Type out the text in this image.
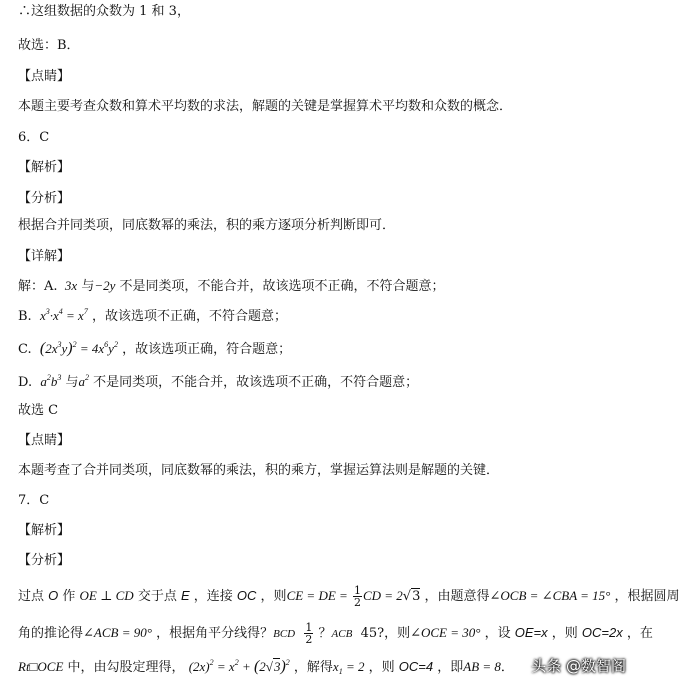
∴这组数据的众数为 1 和 3，
故选：B．
【点睛】
本题主要考查众数和算术平均数的求法，解题的关键是掌握算术平均数和众数的概念．
6．C
【解析】
【分析】
根据合并同类项，同底数幂的乘法，积的乘方逐项分析判断即可．
【详解】
解：A.  3x 与−2y 不是同类项，不能合并，故该选项不正确，不符合题意；
B.  $x^3\cdot x^4 = x^7$ ，故该选项不正确，不符合题意；
C.  $(2x^3y)^2 = 4x^6y^2$ ，故该选项正确，符合题意；
D.  $a^2b^3$ 与$a^2$ 不是同类项，不能合并，故该选项不正确，不符合题意；
故选 C
【点睛】
本题考查了合并同类项，同底数幂的乘法，积的乘方，掌握运算法则是解题的关键．
7．C
【解析】
【分析】
过点 O 作 OE ⊥ CD 交于点 E ，连接 OC ，则CE = DE = $\frac{1}{2}$ CD = 2√3 ，由题意得∠OCB = ∠CBA = 15° ，根据圆周
角的推论得∠ACB = 90° ，根据角平分线得？BCD $\frac{1}{2}$ ？ACB 45?，则∠OCE = 30° ，设 OE=x ，则 OC=2x ，在
Rt□OCE 中，由勾股定理得， $(2x)^2 = x^2 + (2√3)^2$ ，解得$x_1 = 2$ ，则 OC=4 ，即AB = 8． 头条 @数智阁
